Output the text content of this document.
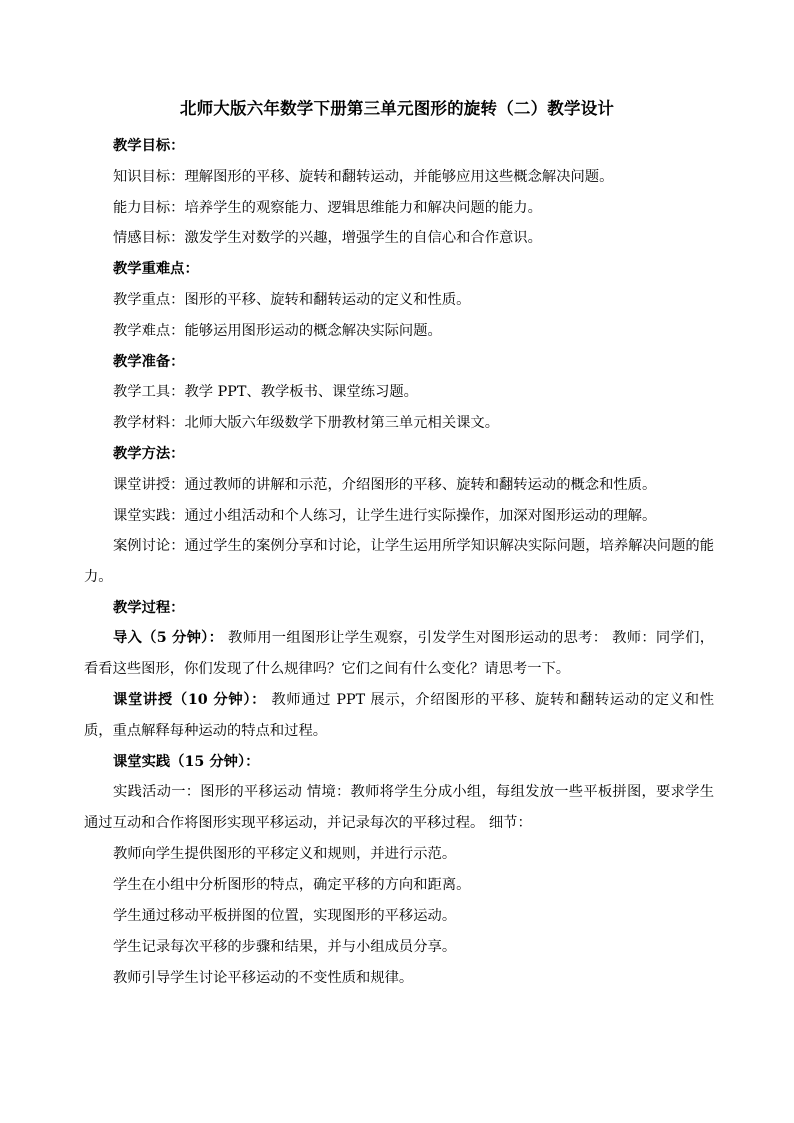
北师大版六年数学下册第三单元图形的旋转（二）教学设计

教学目标：

知识目标：理解图形的平移、旋转和翻转运动，并能够应用这些概念解决问题。

能力目标：培养学生的观察能力、逻辑思维能力和解决问题的能力。

情感目标：激发学生对数学的兴趣，增强学生的自信心和合作意识。

教学重难点：

教学重点：图形的平移、旋转和翻转运动的定义和性质。

教学难点：能够运用图形运动的概念解决实际问题。

教学准备：

教学工具：教学 PPT、教学板书、课堂练习题。

教学材料：北师大版六年级数学下册教材第三单元相关课文。

教学方法：

课堂讲授：通过教师的讲解和示范，介绍图形的平移、旋转和翻转运动的概念和性质。

课堂实践：通过小组活动和个人练习，让学生进行实际操作，加深对图形运动的理解。

案例讨论：通过学生的案例分享和讨论，让学生运用所学知识解决实际问题，培养解决问题的能力。

教学过程：

导入（5 分钟）： 教师用一组图形让学生观察，引发学生对图形运动的思考： 教师：同学们，看看这些图形，你们发现了什么规律吗？它们之间有什么变化？请思考一下。

课堂讲授（10 分钟）： 教师通过 PPT 展示，介绍图形的平移、旋转和翻转运动的定义和性质，重点解释每种运动的特点和过程。

课堂实践（15 分钟）：

实践活动一：图形的平移运动 情境：教师将学生分成小组，每组发放一些平板拼图，要求学生通过互动和合作将图形实现平移运动，并记录每次的平移过程。 细节：

教师向学生提供图形的平移定义和规则，并进行示范。

学生在小组中分析图形的特点，确定平移的方向和距离。

学生通过移动平板拼图的位置，实现图形的平移运动。

学生记录每次平移的步骤和结果，并与小组成员分享。

教师引导学生讨论平移运动的不变性质和规律。
